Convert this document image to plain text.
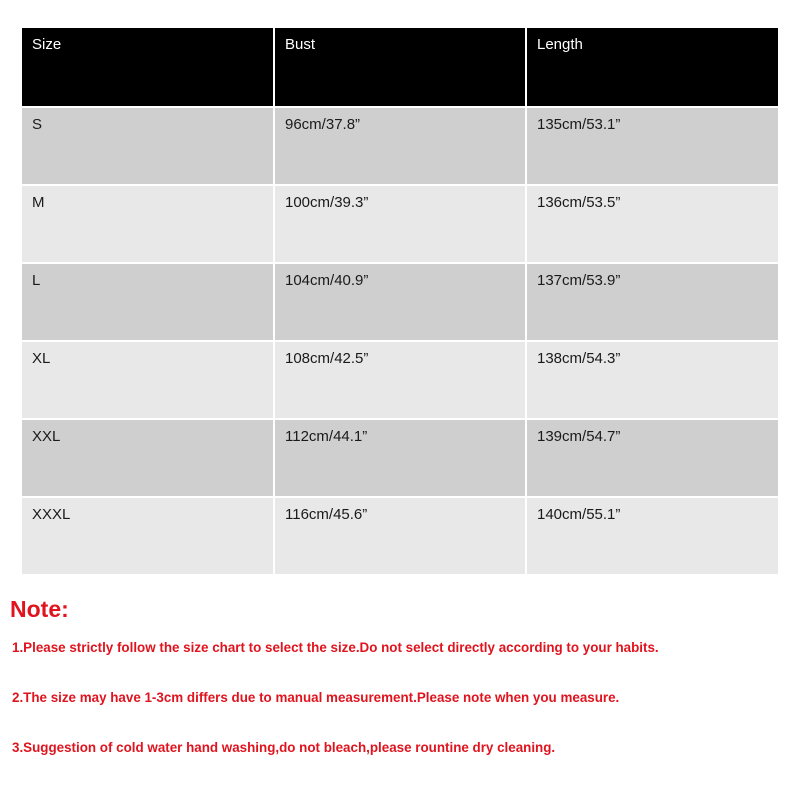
Size	Bust	Length
S	96cm/37.8”	135cm/53.1”
M	100cm/39.3”	136cm/53.5”
L	104cm/40.9”	137cm/53.9”
XL	108cm/42.5”	138cm/54.3”
XXL	112cm/44.1”	139cm/54.7”
XXXL	116cm/45.6”	140cm/55.1”
Note:

1.Please strictly follow the size chart to select the size.Do not select directly according to your habits.

2.The size may have 1-3cm differs due to manual measurement.Please note when you measure.

3.Suggestion of cold water hand washing,do not bleach,please rountine dry cleaning.
